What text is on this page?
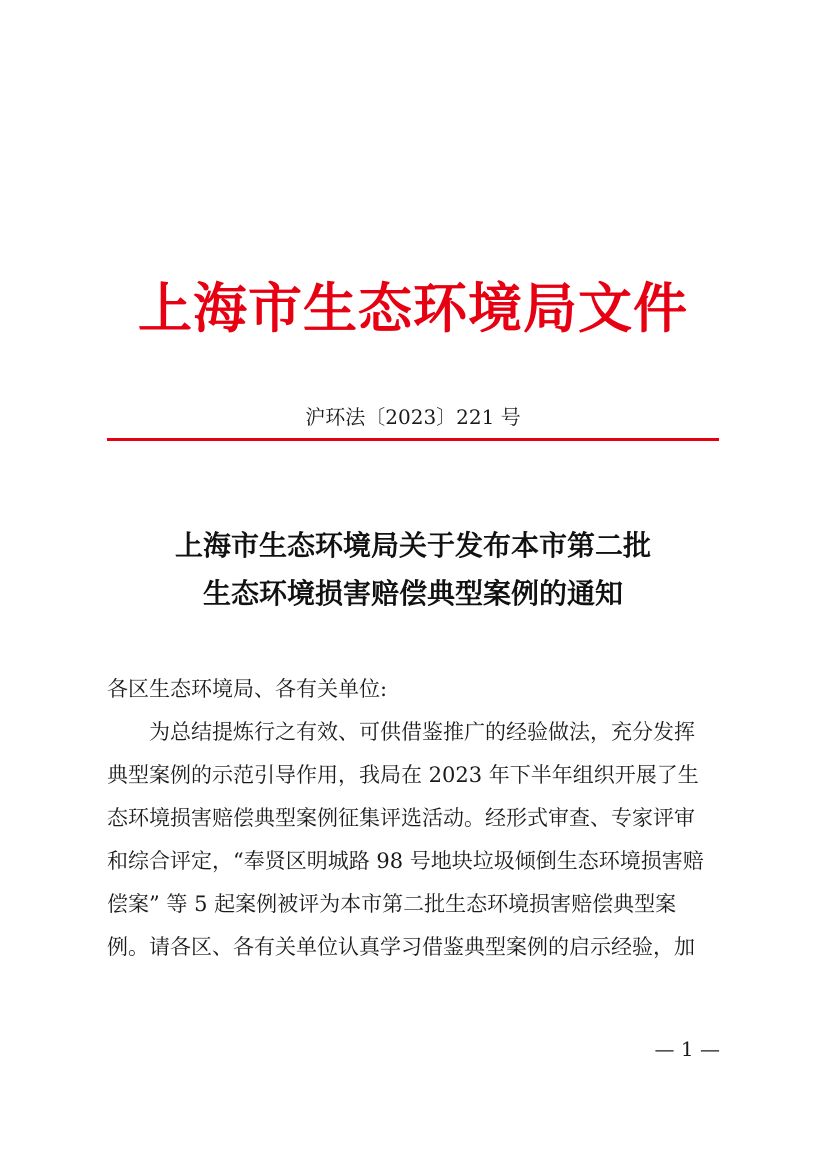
上海市生态环境局文件
沪环法〔2023〕221 号
上海市生态环境局关于发布本市第二批
生态环境损害赔偿典型案例的通知

各区生态环境局、各有关单位:

为总结提炼行之有效、可供借鉴推广的经验做法，充分发挥

典型案例的示范引导作用，我局在 2023 年下半年组织开展了生

态环境损害赔偿典型案例征集评选活动。经形式审查、专家评审

和综合评定，“奉贤区明城路 98 号地块垃圾倾倒生态环境损害赔

偿案” 等 5 起案例被评为本市第二批生态环境损害赔偿典型案

例。请各区、各有关单位认真学习借鉴典型案例的启示经验，加

— 1 —
